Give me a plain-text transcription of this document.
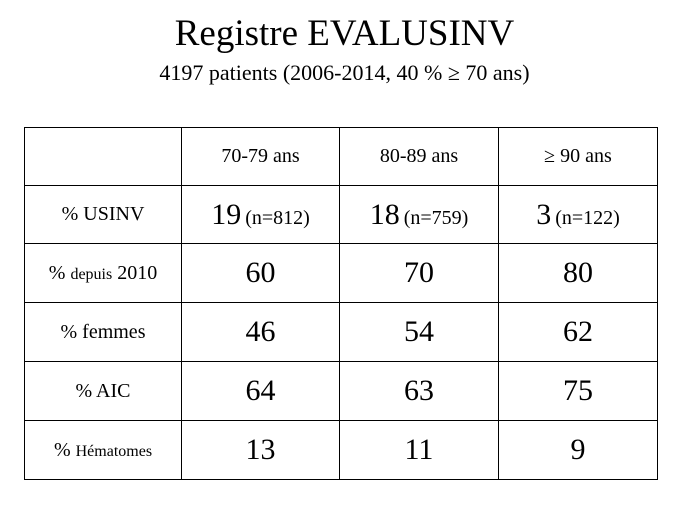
Registre EVALUSINV
4197 patients (2006-2014, 40 % ≥ 70 ans)
	70-79 ans	80-89 ans	≥ 90 ans
% USINV	19 (n=812)	18 (n=759)	3 (n=122)
% depuis 2010	60	70	80
% femmes	46	54	62
% AIC	64	63	75
% Hématomes	13	11	9
